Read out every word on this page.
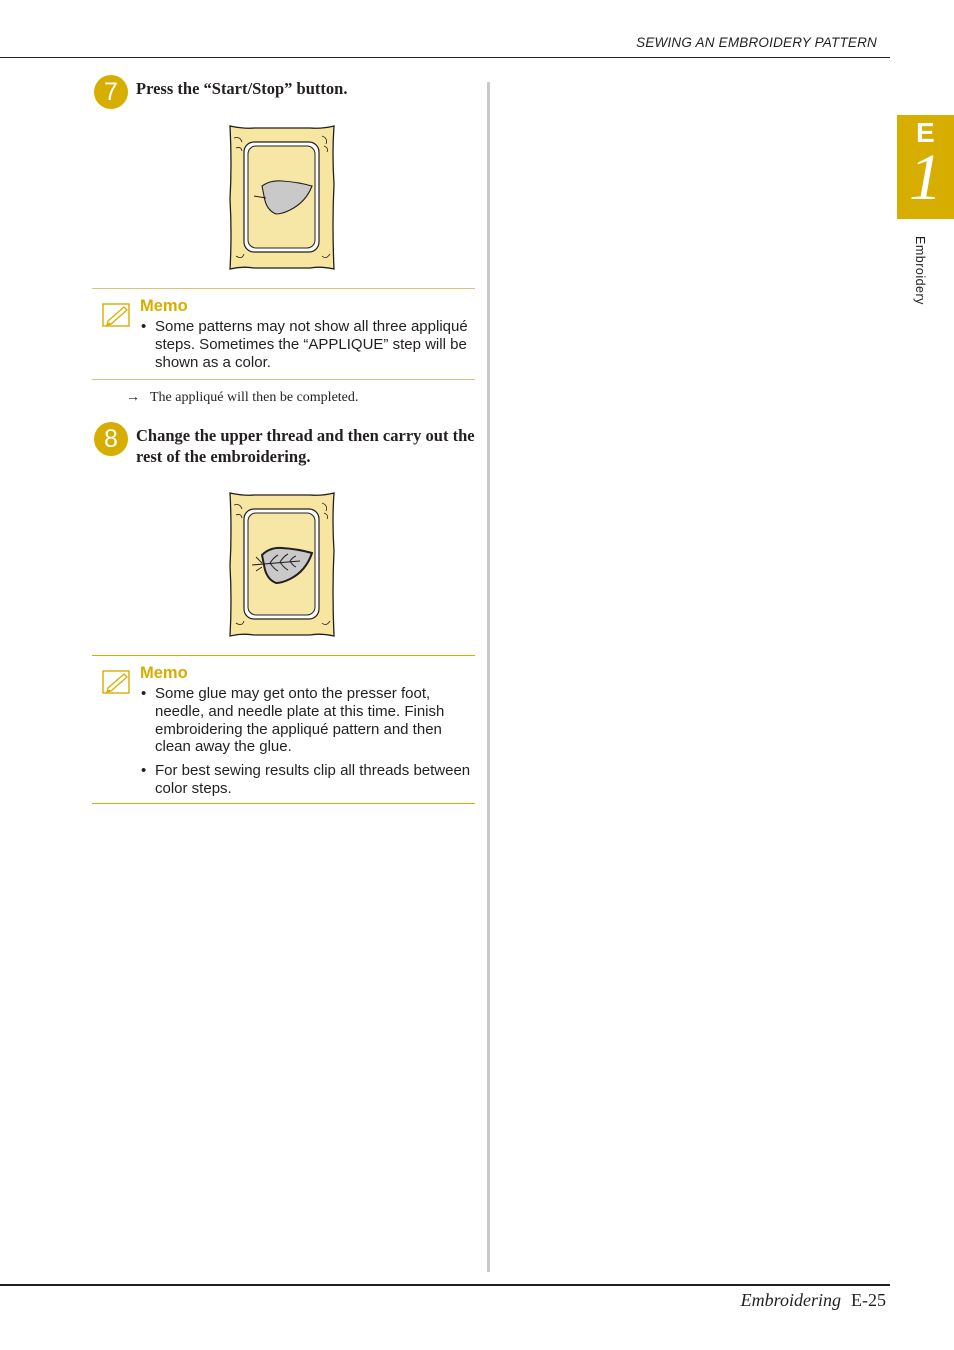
SEWING AN EMBROIDERY PATTERN
E
1
Embroidery
7	Press the “Start/Stop” button.
Memo
• Some patterns may not show all three appliqué steps. Sometimes the “APPLIQUE” step will be shown as a color.
→ The appliqué will then be completed.
8	Change the upper thread and then carry out the rest of the embroidering.
Memo
• Some glue may get onto the presser foot, needle, and needle plate at this time. Finish embroidering the appliqué pattern and then clean away the glue.
• For best sewing results clip all threads between color steps.
Embroidering E-25
